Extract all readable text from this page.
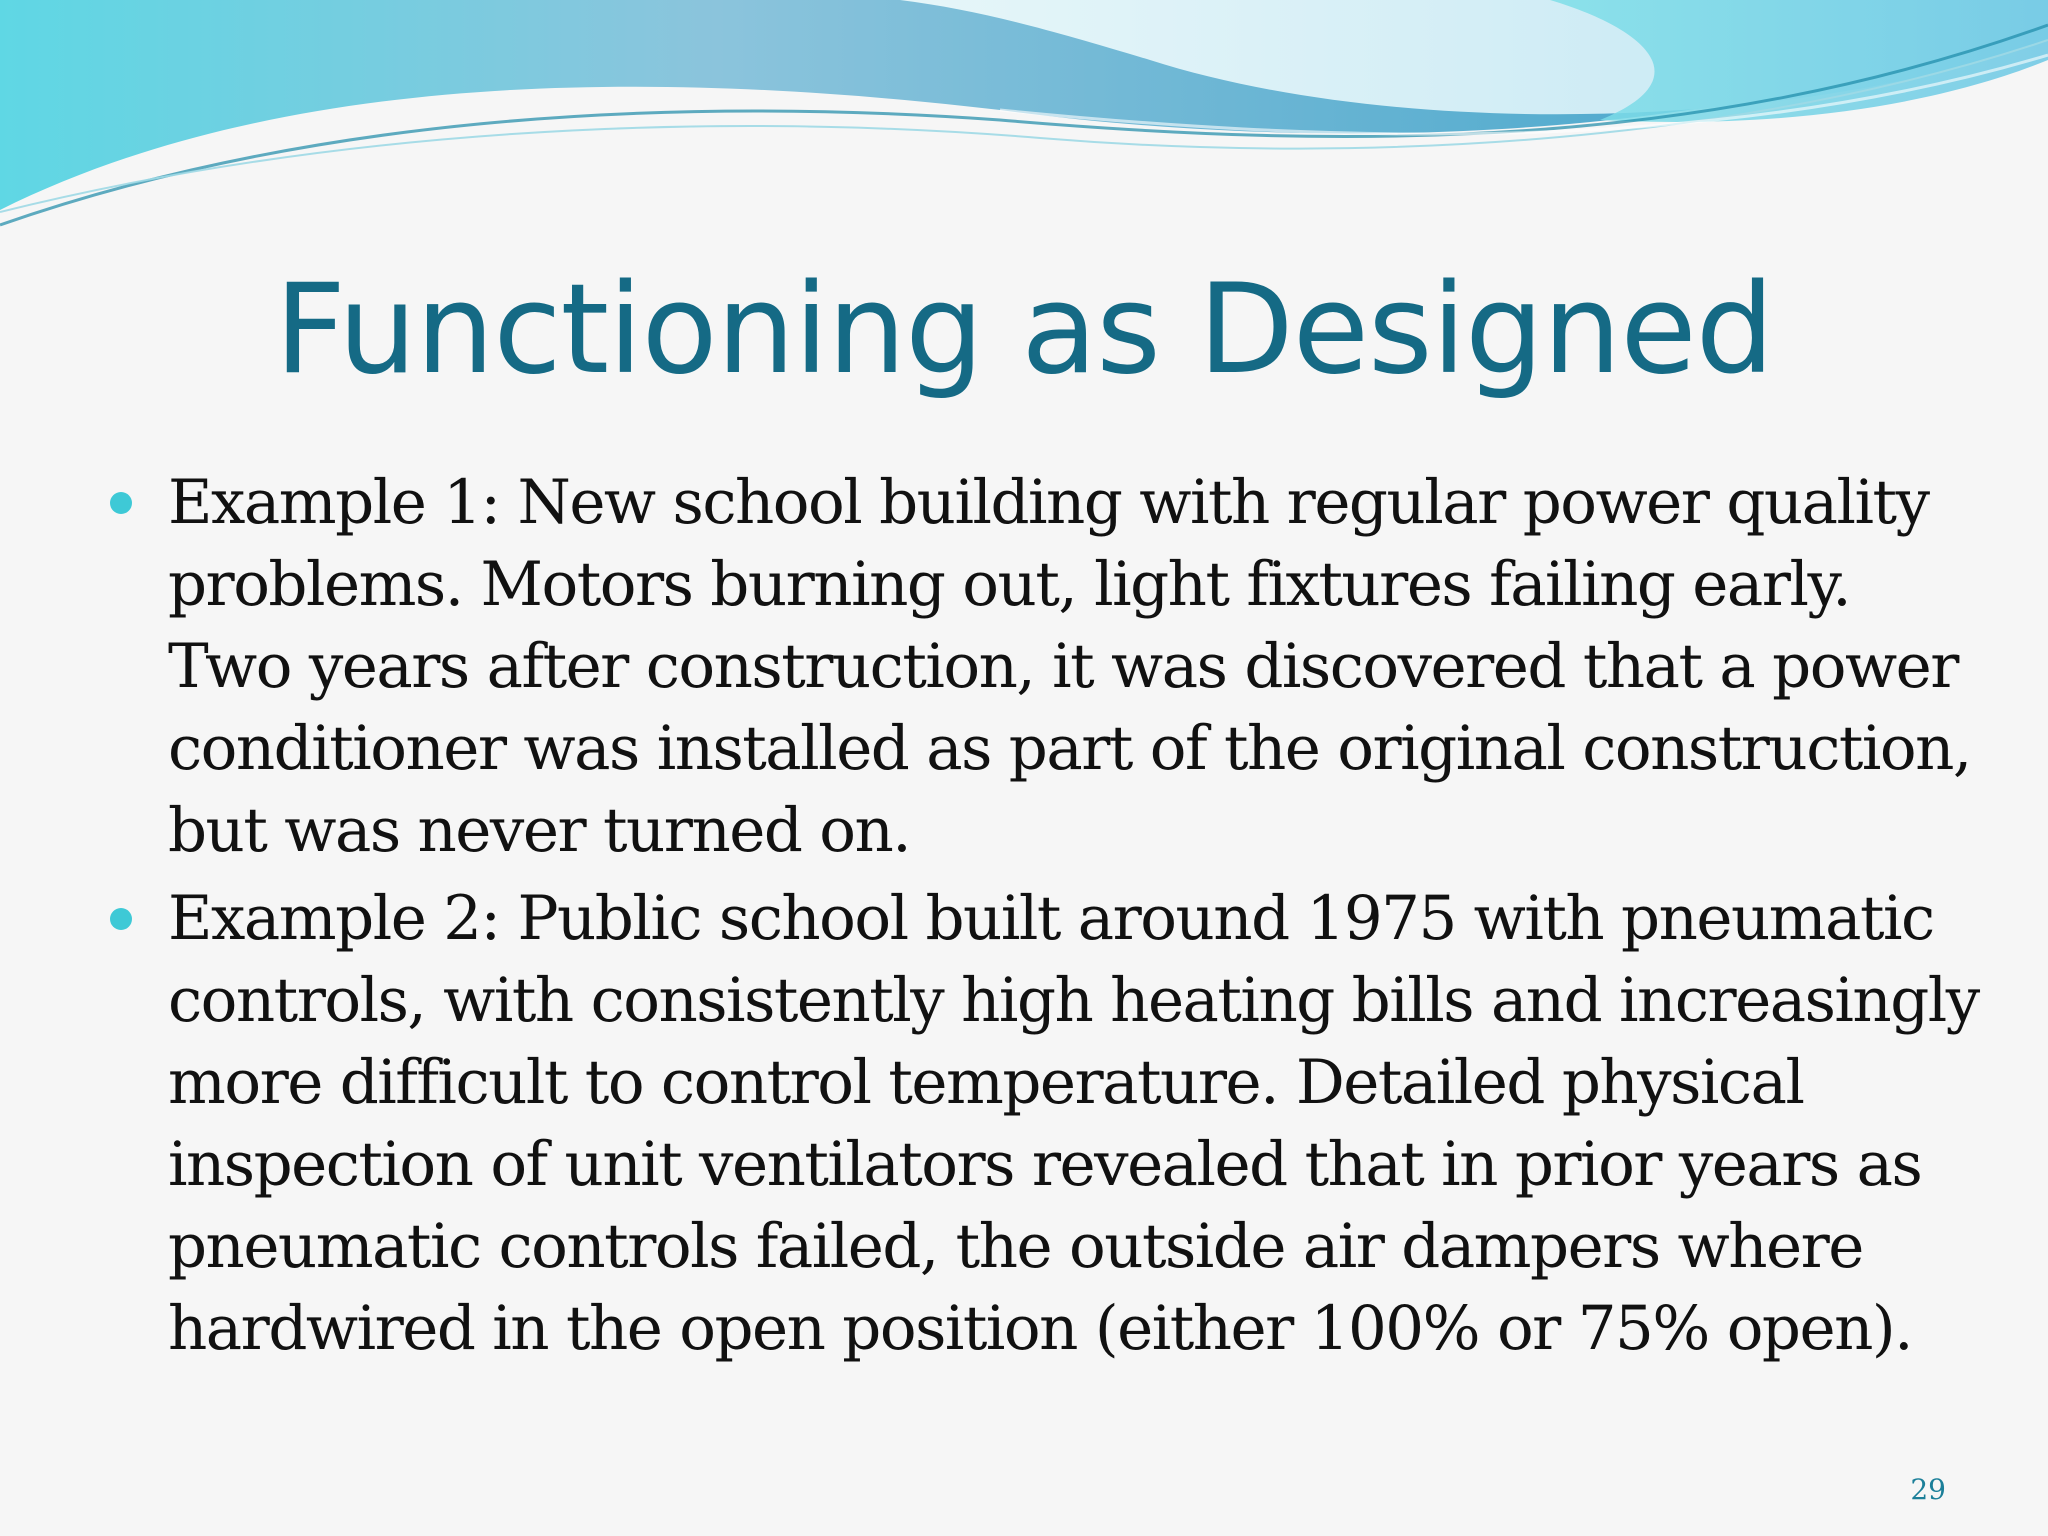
Functioning as Designed
Example 1: New school building with regular power quality problems. Motors burning out, light fixtures failing early. Two years after construction, it was discovered that a power conditioner was installed as part of the original construction, but was never turned on.
Example 2: Public school built around 1975 with pneumatic controls, with consistently high heating bills and increasingly more difficult to control temperature. Detailed physical inspection of unit ventilators revealed that in prior years as pneumatic controls failed, the outside air dampers where hardwired in the open position (either 100% or 75% open).
29
